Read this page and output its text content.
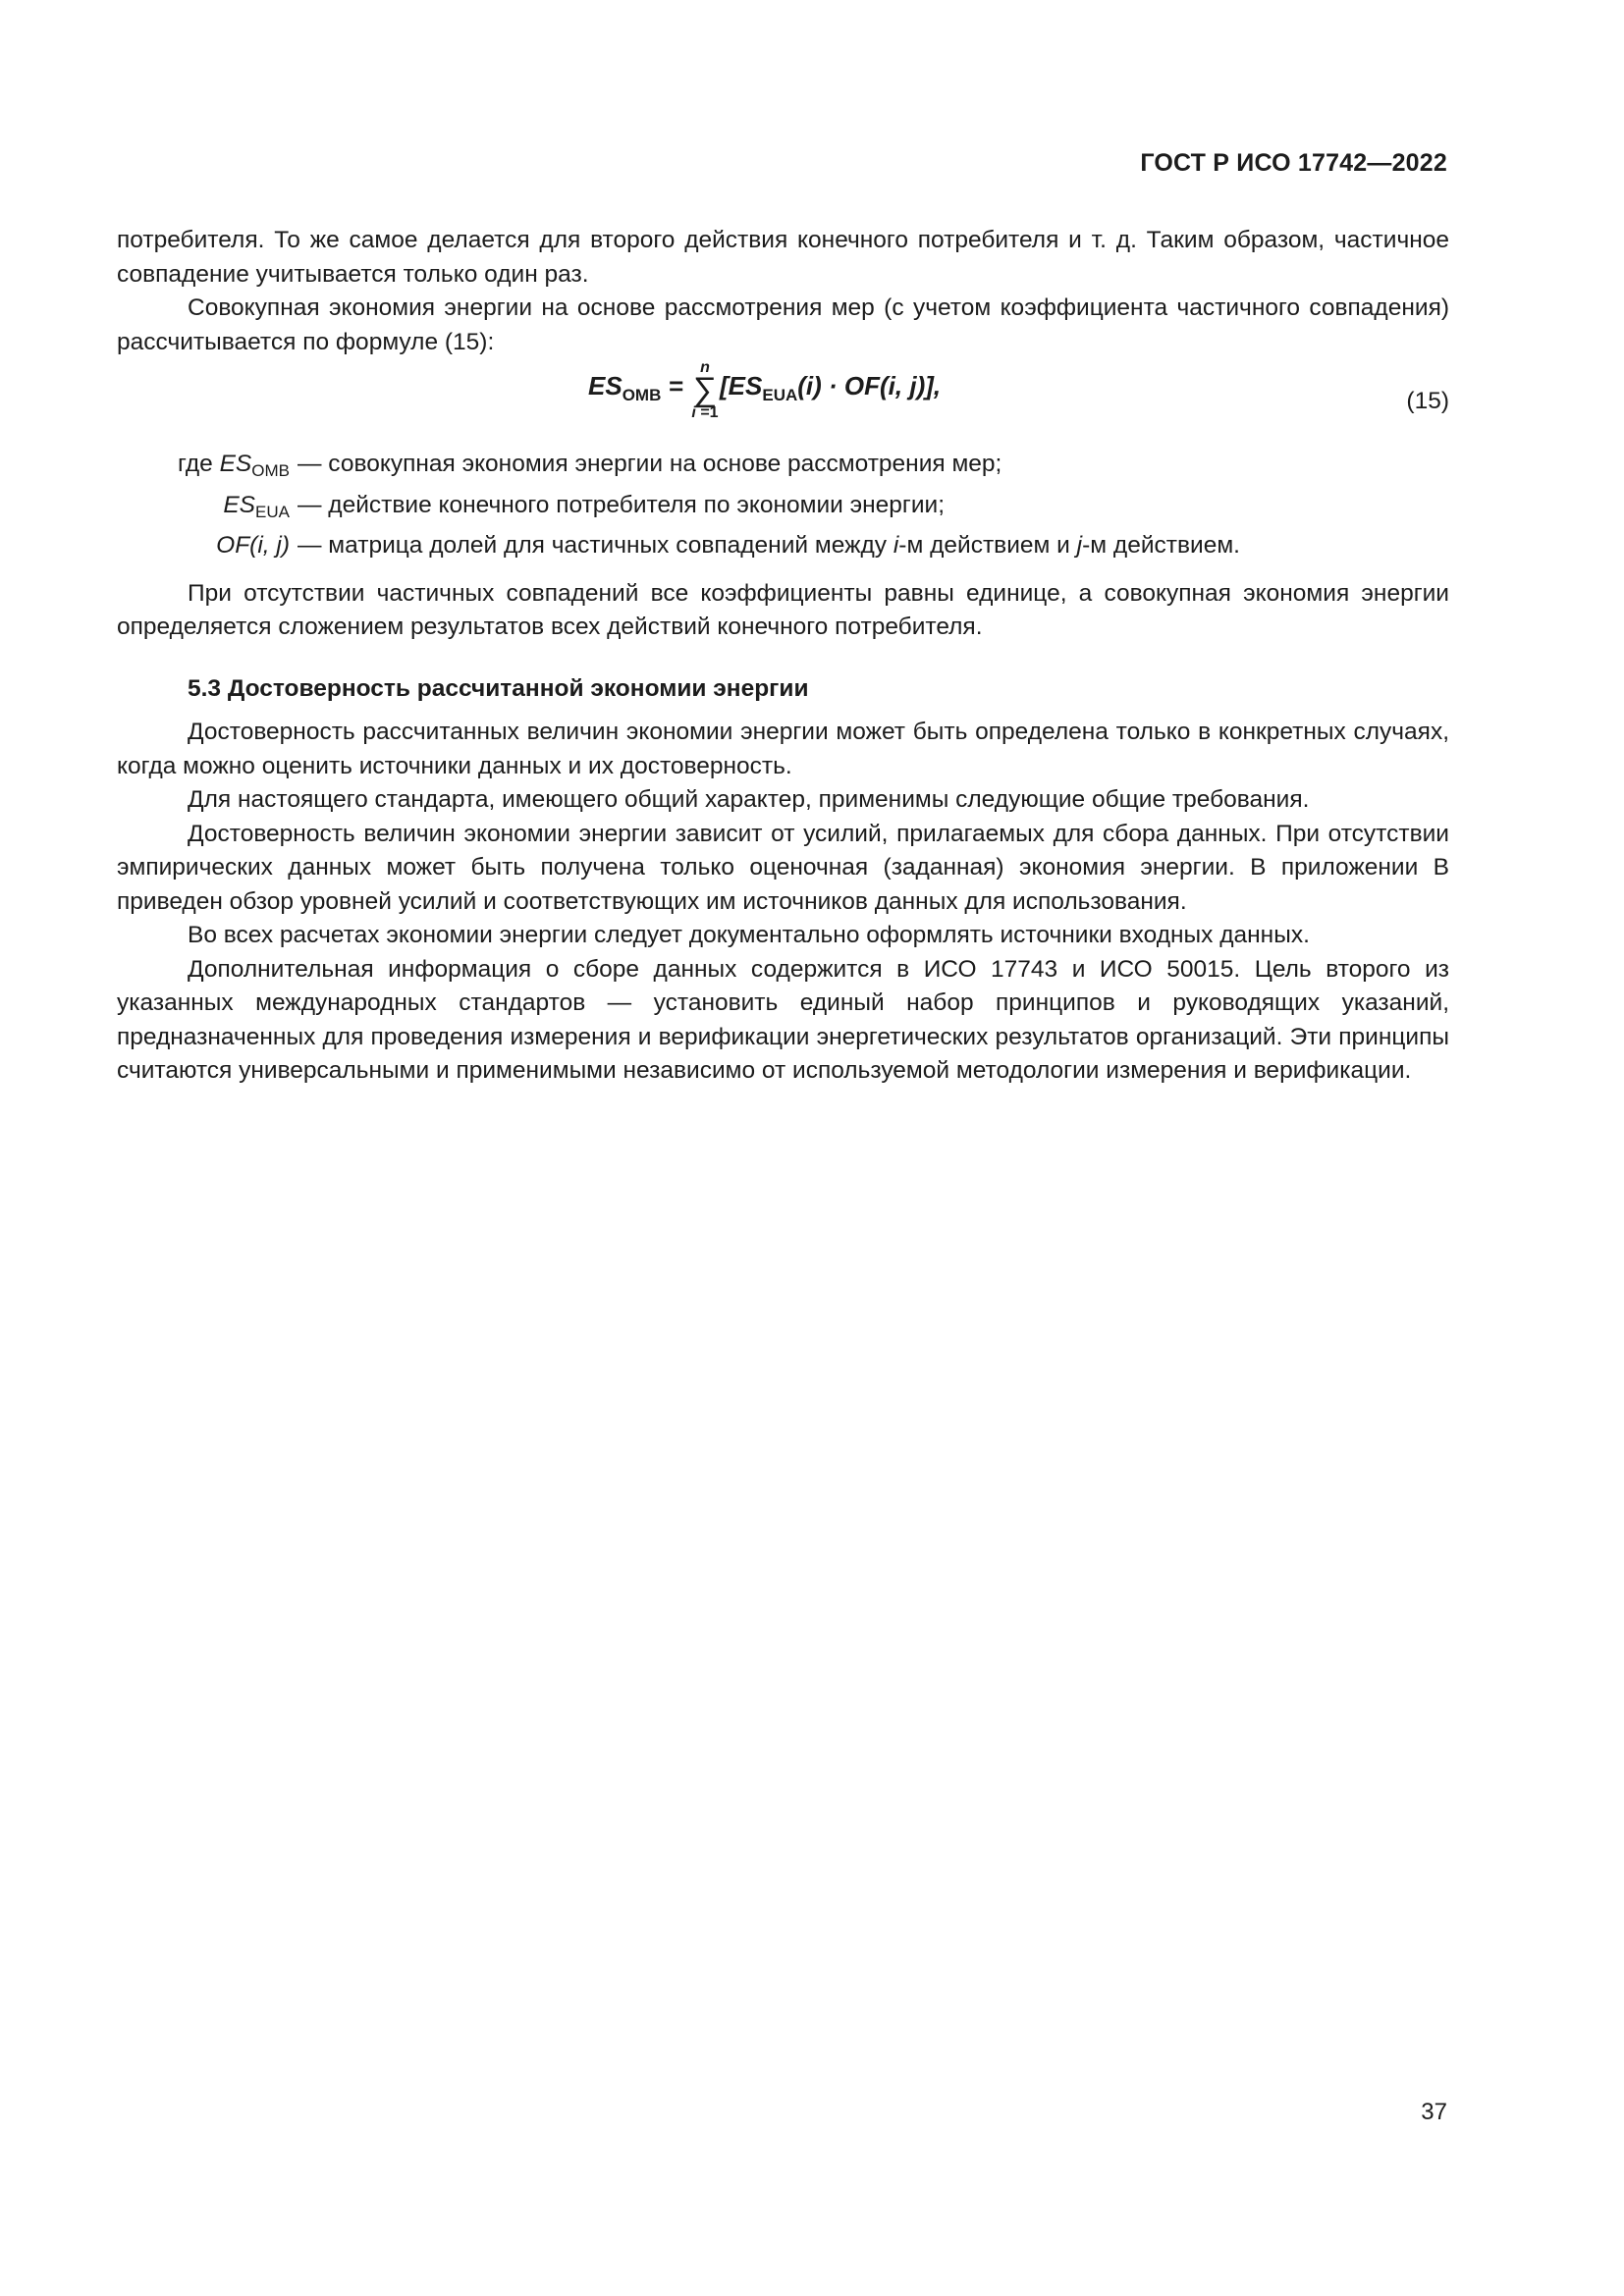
ГОСТ Р ИСО 17742—2022

потребителя. То же самое делается для второго действия конечного потребителя и т. д. Таким образом, частичное совпадение учитывается только один раз.

Совокупная экономия энергии на основе рассмотрения мер (с учетом коэффициента частичного совпадения) рассчитывается по формуле (15):

$ES_{OMB}$ = ∑
n
i =1
[$ES_{EUA}(i) \cdot OF(i$, j)],
(15)
где $ES_{OMB}$ — совокупная экономия энергии на основе рассмотрения мер;
$ES_{EUA}$ — действие конечного потребителя по экономии энергии;
OF(i, j) — матрица долей для частичных совпадений между i-м действием и j-м действием.

При отсутствии частичных совпадений все коэффициенты равны единице, а совокупная экономия энергии определяется сложением результатов всех действий конечного потребителя.

5.3 Достоверность рассчитанной экономии энергии

Достоверность рассчитанных величин экономии энергии может быть определена только в конкретных случаях, когда можно оценить источники данных и их достоверность.

Для настоящего стандарта, имеющего общий характер, применимы следующие общие требования.

Достоверность величин экономии энергии зависит от усилий, прилагаемых для сбора данных. При отсутствии эмпирических данных может быть получена только оценочная (заданная) экономия энергии. В приложении В приведен обзор уровней усилий и соответствующих им источников данных для использования.

Во всех расчетах экономии энергии следует документально оформлять источники входных данных.

Дополнительная информация о сборе данных содержится в ИСО 17743 и ИСО 50015. Цель второго из указанных международных стандартов — установить единый набор принципов и руководящих указаний, предназначенных для проведения измерения и верификации энергетических результатов организаций. Эти принципы считаются универсальными и применимыми независимо от используемой методологии измерения и верификации.

37
